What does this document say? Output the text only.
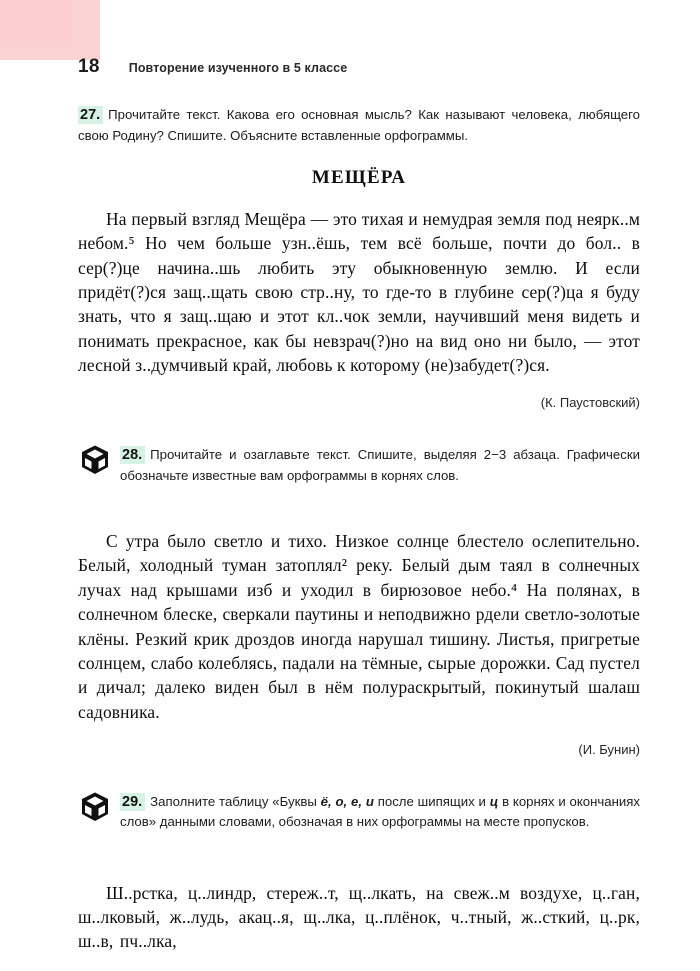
18 Повторение изученного в 5 классе

27. Прочитайте текст. Какова его основная мысль? Как называют человека, любящего свою Родину? Спишите. Объясните вставленные орфограммы.

МЕЩЁРА

На первый взгляд Мещёра — это тихая и немудрая земля под неярк..м небом.⁵ Но чем больше узн..ёшь, тем всё больше, почти до бол.. в сер(?)це начина..шь любить эту обыкновенную землю. И если придёт(?)ся защ..щать свою стр..ну, то где-то в глубине сер(?)ца я буду знать, что я защ..щаю и этот кл..чок земли, научивший меня видеть и понимать прекрасное, как бы невзрач(?)но на вид оно ни было, — этот лесной з..думчивый край, любовь к которому (не)забудет(?)ся.

(К. Паустовский)

28. Прочитайте и озаглавьте текст. Спишите, выделяя 2−3 абзаца. Графически обозначьте известные вам орфограммы в корнях слов.

С утра было светло и тихо. Низкое солнце блестело ослепительно. Белый, холодный туман затоплял² реку. Белый дым таял в солнечных лучах над крышами изб и уходил в бирюзовое небо.⁴ На полянах, в солнечном блеске, сверкали паутины и неподвижно рдели светло-золотые клёны. Резкий крик дроздов иногда нарушал тишину. Листья, пригретые солнцем, слабо колеблясь, падали на тёмные, сырые дорожки. Сад пустел и дичал; далеко виден был в нём полураскрытый, покинутый шалаш садовника.

(И. Бунин)

29. Заполните таблицу «Буквы ё, о, е, и после шипящих и ц в корнях и окончаниях слов» данными словами, обозначая в них орфограммы на месте пропусков.

Ш..рстка, ц..линдр, стереж..т, щ..лкать, на свеж..м воздухе, ц..ган, ш..лковый, ж..лудь, акац..я, щ..лка, ц..плёнок, ч..тный, ж..сткий, ц..рк, ш..в, пч..лка,
